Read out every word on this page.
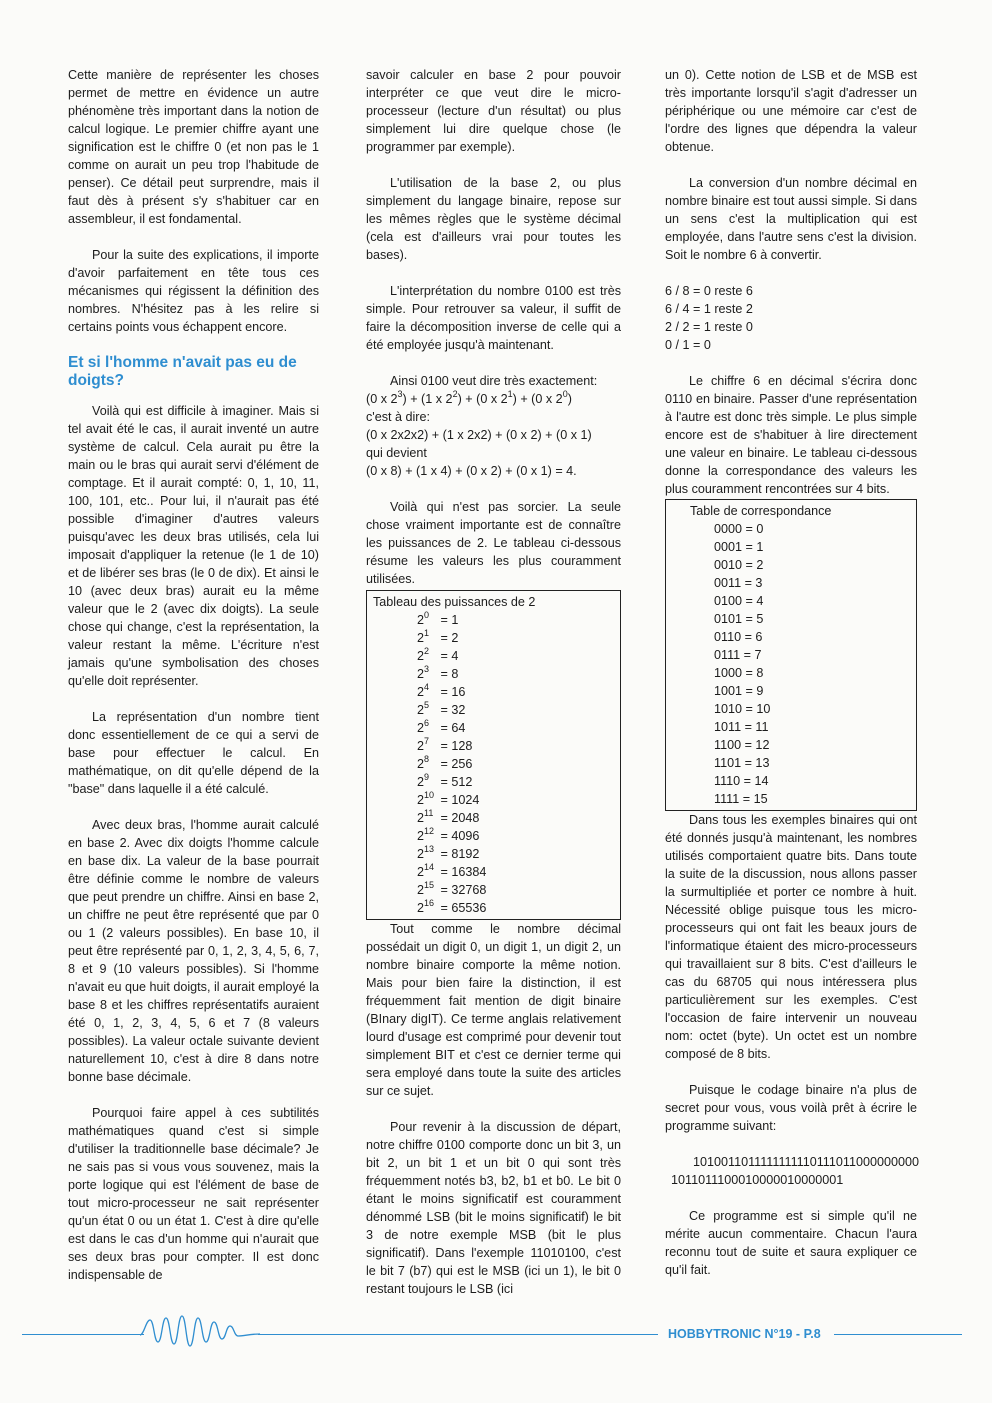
Cette manière de représenter les choses permet de mettre en évidence un autre phénomène très important dans la notion de calcul logique. Le premier chiffre ayant une signification est le chiffre 0 (et non pas le 1 comme on aurait un peu trop l'habitude de penser). Ce détail peut surprendre, mais il faut dès à présent s'y s'habituer car en assembleur, il est fondamental.

Pour la suite des explications, il importe d'avoir parfaitement en tête tous ces mécanismes qui régissent la définition des nombres. N'hésitez pas à les relire si certains points vous échappent encore.

Et si l'homme n'avait pas eu de doigts?

Voilà qui est difficile à imaginer. Mais si tel avait été le cas, il aurait inventé un autre système de calcul. Cela aurait pu être la main ou le bras qui aurait servi d'élément de comptage. Et il aurait compté: 0, 1, 10, 11, 100, 101, etc.. Pour lui, il n'aurait pas été possible d'imaginer d'autres valeurs puisqu'avec les deux bras utilisés, cela lui imposait d'appliquer la retenue (le 1 de 10) et de libérer ses bras (le 0 de dix). Et ainsi le 10 (avec deux bras) aurait eu la même valeur que le 2 (avec dix doigts). La seule chose qui change, c'est la représentation, la valeur restant la même. L'écriture n'est jamais qu'une symbolisation des choses qu'elle doit représenter.

La représentation d'un nombre tient donc essentiellement de ce qui a servi de base pour effectuer le calcul. En mathématique, on dit qu'elle dépend de la "base" dans laquelle il a été calculé.

Avec deux bras, l'homme aurait calculé en base 2. Avec dix doigts l'homme calcule en base dix. La valeur de la base pourrait être définie comme le nombre de valeurs que peut prendre un chiffre. Ainsi en base 2, un chiffre ne peut être représenté que par 0 ou 1 (2 valeurs possibles). En base 10, il peut être représenté par 0, 1, 2, 3, 4, 5, 6, 7, 8 et 9 (10 valeurs possibles). Si l'homme n'avait eu que huit doigts, il aurait employé la base 8 et les chiffres représentatifs auraient été 0, 1, 2, 3, 4, 5, 6 et 7 (8 valeurs possibles). La valeur octale suivante devient naturellement 10, c'est à dire 8 dans notre bonne base décimale.

Pourquoi faire appel à ces subtilités mathématiques quand c'est si simple d'utiliser la traditionnelle base décimale? Je ne sais pas si vous vous souvenez, mais la porte logique qui est l'élément de base de tout micro-processeur ne sait représenter qu'un état 0 ou un état 1. C'est à dire qu'elle est dans le cas d'un homme qui n'aurait que ses deux bras pour compter. Il est donc indispensable de

savoir calculer en base 2 pour pouvoir interpréter ce que veut dire le micro-processeur (lecture d'un résultat) ou plus simplement lui dire quelque chose (le programmer par exemple).

L'utilisation de la base 2, ou plus simplement du langage binaire, repose sur les mêmes règles que le système décimal (cela est d'ailleurs vrai pour toutes les bases).

L'interprétation du nombre 0100 est très simple. Pour retrouver sa valeur, il suffit de faire la décomposition inverse de celle qui a été employée jusqu'à maintenant.

Ainsi 0100 veut dire très exactement:

(0 x $2^3) + (1$ x $2^2) + (0$ x $2^1) + (0$ x $2^0$)
c'est à dire:
(0 x 2x2x2) + (1 x 2x2) + (0 x 2) + (0 x 1)
qui devient
(0 x 8) + (1 x 4) + (0 x 2) + (0 x 1) = 4.

Voilà qui n'est pas sorcier. La seule chose vraiment importante est de connaître les puissances de 2. Le tableau ci-dessous résume les valeurs les plus couramment utilisées.

Tableau des puissances de 2
$2^0 = 1$
$2^1 = 2$
$2^2 = 4$
$2^3 = 8$
$2^4 = 16$
$2^5 = 32$
$2^6 = 64$
$2^7 = 128$
$2^8 = 256$
$2^9 = 512$
$2^{10} = 1024$
$2^{11} = 2048$
$2^{12} = 4096$
$2^{13} = 8192$
$2^{14} = 16384$
$2^{15} = 32768$
$2^{16} = 65536$

Tout comme le nombre décimal possédait un digit 0, un digit 1, un digit 2, un nombre binaire comporte la même notion. Mais pour bien faire la distinction, il est fréquemment fait mention de digit binaire (BInary digIT). Ce terme anglais relativement lourd d'usage est comprimé pour devenir tout simplement BIT et c'est ce dernier terme qui sera employé dans toute la suite des articles sur ce sujet.

Pour revenir à la discussion de départ, notre chiffre 0100 comporte donc un bit 3, un bit 2, un bit 1 et un bit 0 qui sont très fréquemment notés b3, b2, b1 et b0. Le bit 0 étant le moins significatif est couramment dénommé LSB (bit le moins significatif) le bit 3 de notre exemple MSB (bit le plus significatif). Dans l'exemple 11010100, c'est le bit 7 (b7) qui est le MSB (ici un 1), le bit 0 restant toujours le LSB (ici

un 0). Cette notion de LSB et de MSB est très importante lorsqu'il s'agit d'adresser un périphérique ou une mémoire car c'est de l'ordre des lignes que dépendra la valeur obtenue.

La conversion d'un nombre décimal en nombre binaire est tout aussi simple. Si dans un sens c'est la multiplication qui est employée, dans l'autre sens c'est la division. Soit le nombre 6 à convertir.

6 / 8 = 0 reste 6
6 / 4 = 1 reste 2
2 / 2 = 1 reste 0
0 / 1 = 0

Le chiffre 6 en décimal s'écrira donc 0110 en binaire. Passer d'une représentation à l'autre est donc très simple. Le plus simple encore est de s'habituer à lire directement une valeur en binaire. Le tableau ci-dessous donne la correspondance des valeurs les plus couramment rencontrées sur 4 bits.

Table de correspondance
0000 = 0
0001 = 1
0010 = 2
0011 = 3
0100 = 4
0101 = 5
0110 = 6
0111 = 7
1000 = 8
1001 = 9
1010 = 10
1011 = 11
1100 = 12
1101 = 13
1110 = 14
1111 = 15

Dans tous les exemples binaires qui ont été donnés jusqu'à maintenant, les nombres utilisés comportaient quatre bits. Dans toute la suite de la discussion, nous allons passer la surmultipliée et porter ce nombre à huit. Nécessité oblige puisque tous les micro-processeurs qui ont fait les beaux jours de l'informatique étaient des micro-processeurs qui travaillaient sur 8 bits. C'est d'ailleurs le cas du 68705 qui nous intéressera plus particulièrement sur les exemples. C'est l'occasion de faire intervenir un nouveau nom: octet (byte). Un octet est un nombre composé de 8 bits.

Puisque le codage binaire n'a plus de secret pour vous, vous voilà prêt à écrire le programme suivant:

1010011011111111110111011000000000
1011011100010000010000001

Ce programme est si simple qu'il ne mérite aucun commentaire. Chacun l'aura reconnu tout de suite et saura expliquer ce qu'il fait.

HOBBYTRONIC N°19 - P.8
